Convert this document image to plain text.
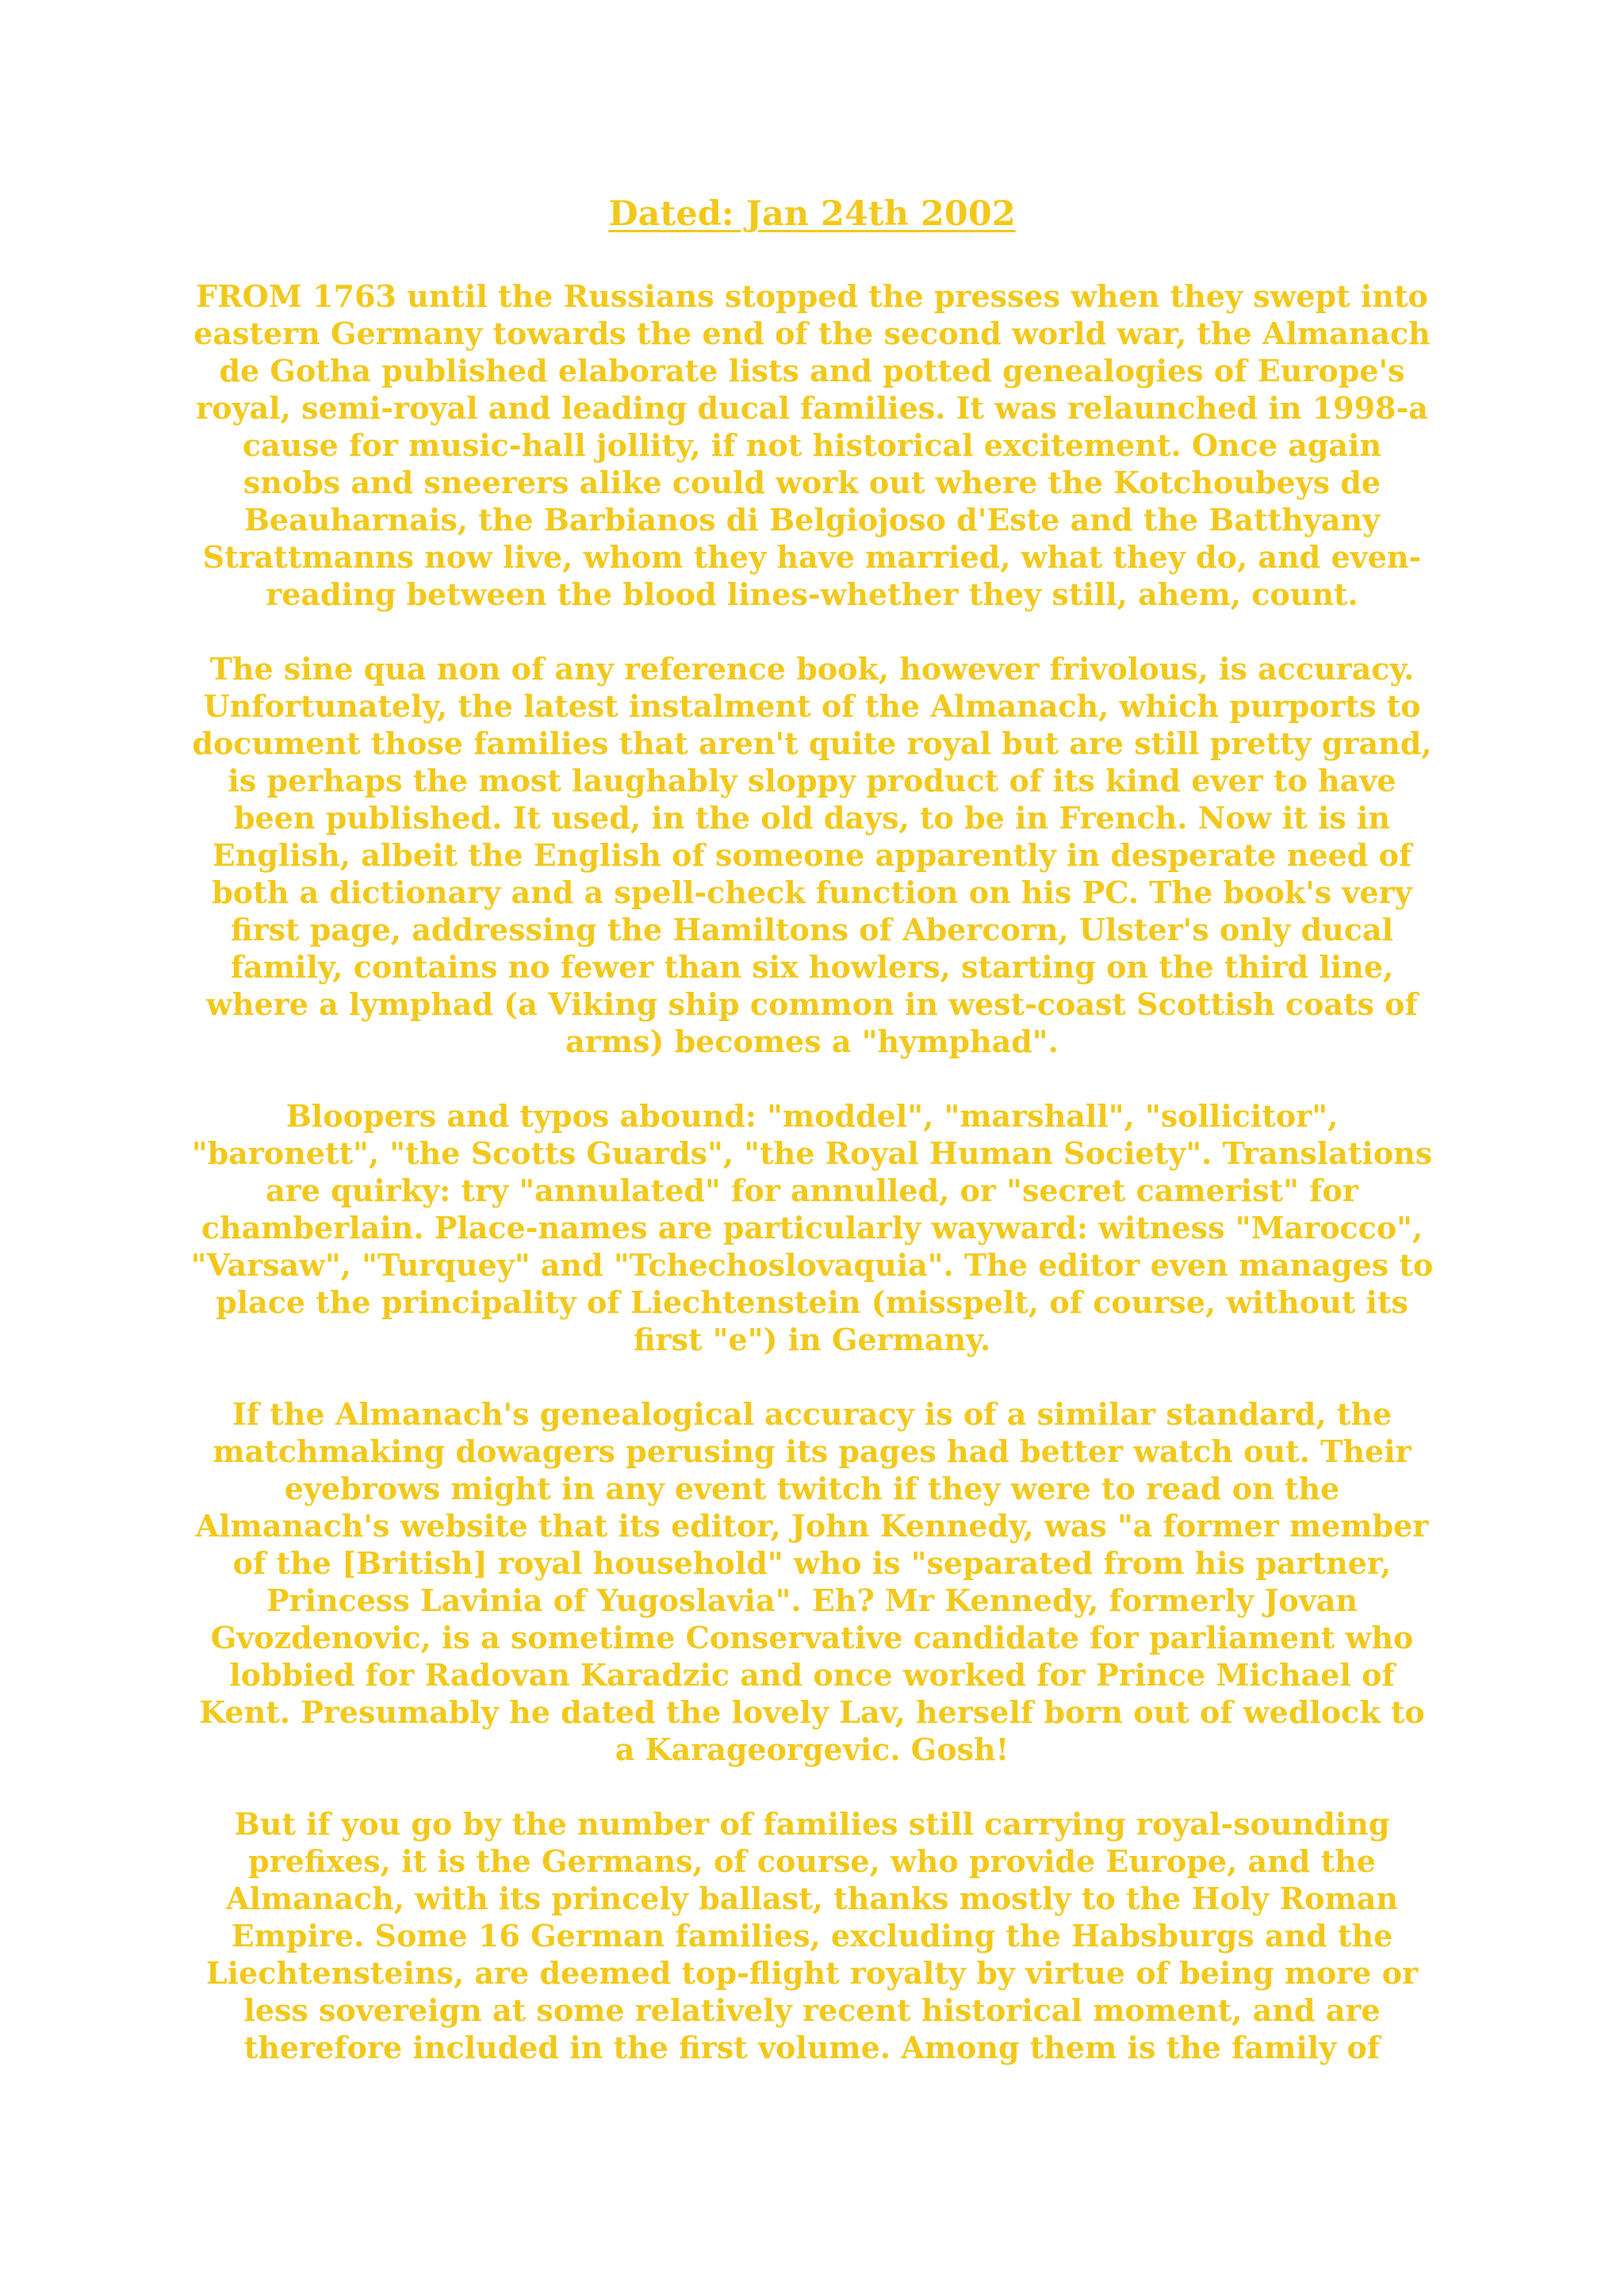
Dated: Jan 24th 2002

FROM 1763 until the Russians stopped the presses when they swept into eastern Germany towards the end of the second world war, the Almanach de Gotha published elaborate lists and potted genealogies of Europe's royal, semi-royal and leading ducal families. It was relaunched in 1998-a cause for music-hall jollity, if not historical excitement. Once again snobs and sneerers alike could work out where the Kotchoubeys de Beauharnais, the Barbianos di Belgiojoso d'Este and the Batthyany Strattmanns now live, whom they have married, what they do, and even-reading between the blood lines-whether they still, ahem, count.

The sine qua non of any reference book, however frivolous, is accuracy. Unfortunately, the latest instalment of the Almanach, which purports to document those families that aren't quite royal but are still pretty grand, is perhaps the most laughably sloppy product of its kind ever to have been published. It used, in the old days, to be in French. Now it is in English, albeit the English of someone apparently in desperate need of both a dictionary and a spell-check function on his PC. The book's very first page, addressing the Hamiltons of Abercorn, Ulster's only ducal family, contains no fewer than six howlers, starting on the third line, where a lymphad (a Viking ship common in west-coast Scottish coats of arms) becomes a "hymphad".

Bloopers and typos abound: "moddel", "marshall", "sollicitor", "baronett", "the Scotts Guards", "the Royal Human Society". Translations are quirky: try "annulated" for annulled, or "secret camerist" for chamberlain. Place-names are particularly wayward: witness "Marocco", "Varsaw", "Turquey" and "Tchechoslovaquia". The editor even manages to place the principality of Liechtenstein (misspelt, of course, without its first "e") in Germany.

If the Almanach's genealogical accuracy is of a similar standard, the matchmaking dowagers perusing its pages had better watch out. Their eyebrows might in any event twitch if they were to read on the Almanach's website that its editor, John Kennedy, was "a former member of the [British] royal household" who is "separated from his partner, Princess Lavinia of Yugoslavia". Eh? Mr Kennedy, formerly Jovan Gvozdenovic, is a sometime Conservative candidate for parliament who lobbied for Radovan Karadzic and once worked for Prince Michael of Kent. Presumably he dated the lovely Lav, herself born out of wedlock to a Karageorgevic. Gosh!

But if you go by the number of families still carrying royal-sounding prefixes, it is the Germans, of course, who provide Europe, and the Almanach, with its princely ballast, thanks mostly to the Holy Roman Empire. Some 16 German families, excluding the Habsburgs and the Liechtensteins, are deemed top-flight royalty by virtue of being more or less sovereign at some relatively recent historical moment, and are therefore included in the first volume. Among them is the family of
